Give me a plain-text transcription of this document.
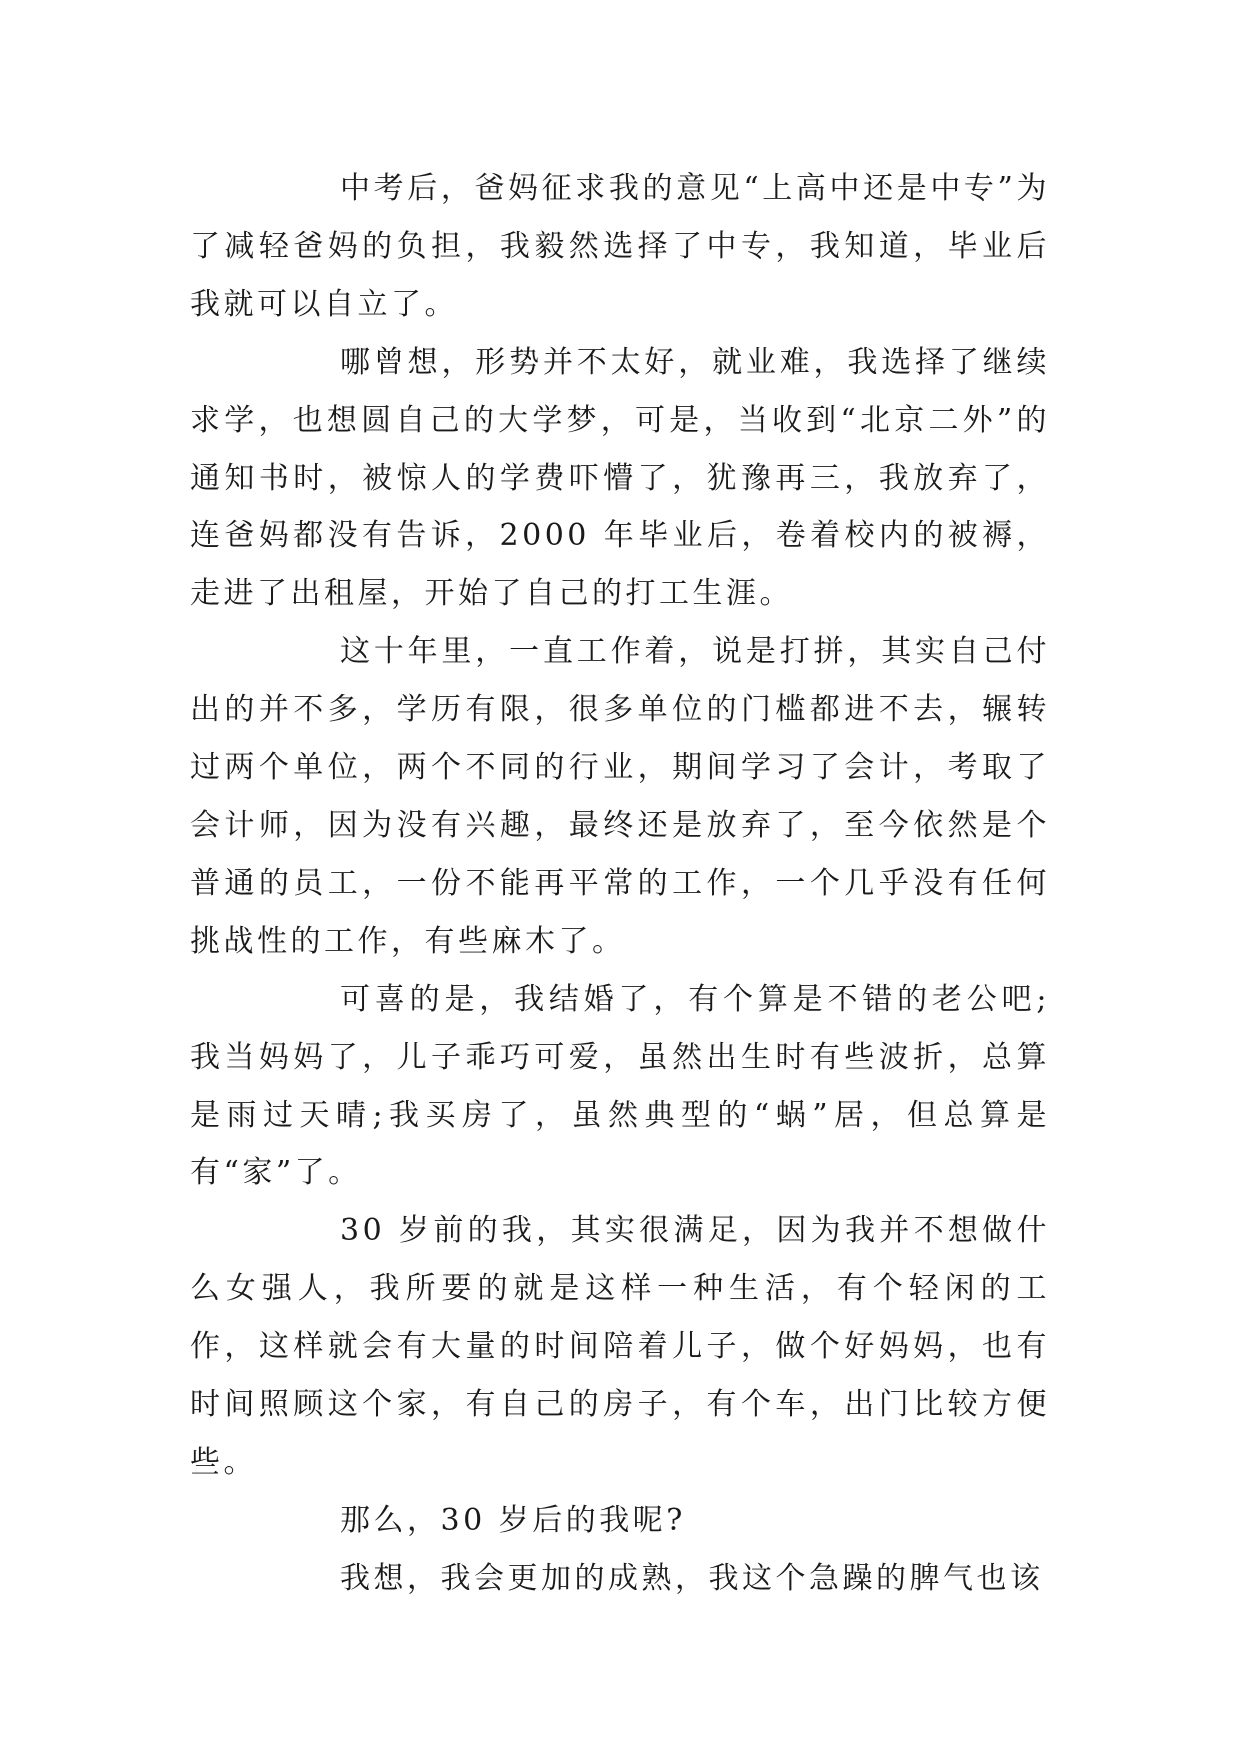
中考后，爸妈征求我的意见“上高中还是中专”为了减轻爸妈的负担，我毅然选择了中专，我知道，毕业后我就可以自立了。

哪曾想，形势并不太好，就业难，我选择了继续求学，也想圆自己的大学梦，可是，当收到“北京二外”的通知书时，被惊人的学费吓懵了，犹豫再三，我放弃了，连爸妈都没有告诉，2000 年毕业后，卷着校内的被褥，走进了出租屋，开始了自己的打工生涯。

这十年里，一直工作着，说是打拼，其实自己付出的并不多，学历有限，很多单位的门槛都进不去，辗转过两个单位，两个不同的行业，期间学习了会计，考取了会计师，因为没有兴趣，最终还是放弃了，至今依然是个普通的员工，一份不能再平常的工作，一个几乎没有任何挑战性的工作，有些麻木了。

可喜的是，我结婚了，有个算是不错的老公吧;我当妈妈了，儿子乖巧可爱，虽然出生时有些波折，总算是雨过天晴;我买房了，虽然典型的“蜗”居，但总算是有“家”了。

30 岁前的我，其实很满足，因为我并不想做什么女强人，我所要的就是这样一种生活，有个轻闲的工作，这样就会有大量的时间陪着儿子，做个好妈妈，也有时间照顾这个家，有自己的房子，有个车，出门比较方便些。

那么，30 岁后的我呢?

我想，我会更加的成熟，我这个急躁的脾气也该
